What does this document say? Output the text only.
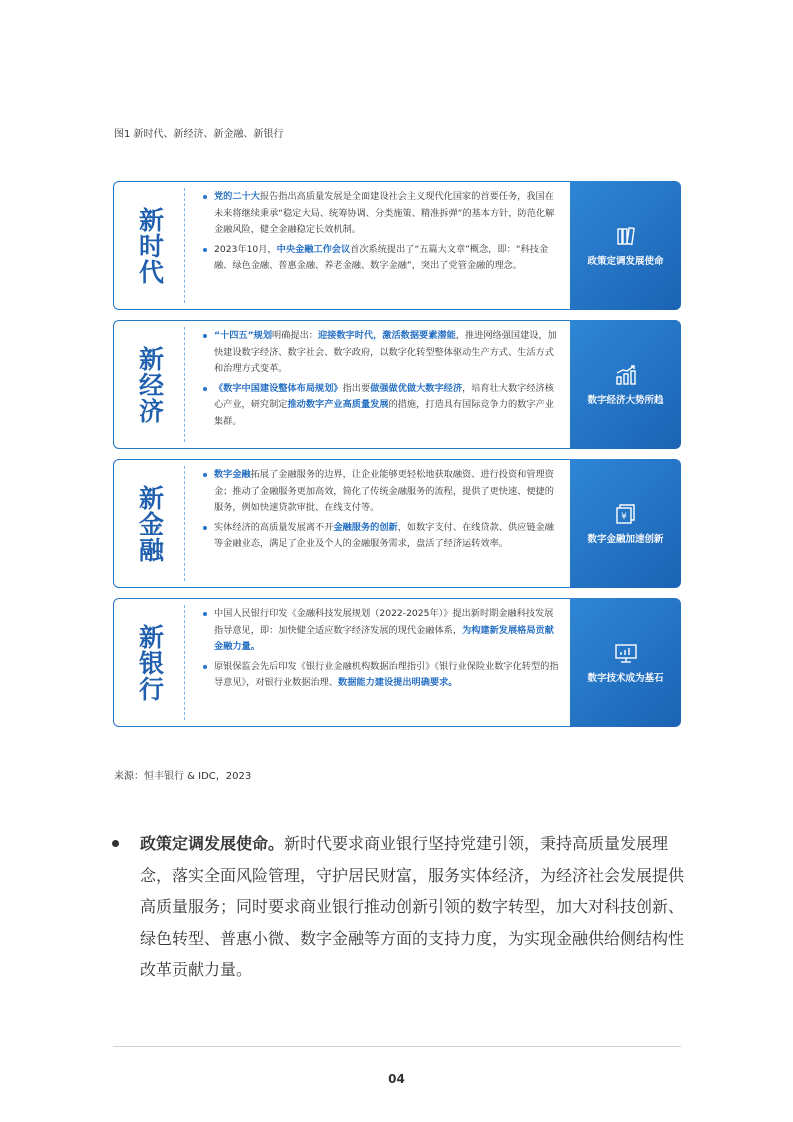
图1 新时代、新经济、新金融、新银行
新时代
党的二十大报告指出高质量发展是全面建设社会主义现代化国家的首要任务，我国在未来将继续秉承“稳定大局、统筹协调、分类施策、精准拆弹”的基本方针，防范化解金融风险，健全金融稳定长效机制。
2023年10月，中央金融工作会议首次系统提出了“五篇大文章”概念，即：“科技金融、绿色金融、普惠金融、养老金融、数字金融”，突出了党管金融的理念。	政策定调发展使命
新经济
“十四五”规划明确提出：迎接数字时代，激活数据要素潜能，推进网络强国建设，加快建设数字经济、数字社会、数字政府，以数字化转型整体驱动生产方式、生活方式和治理方式变革。
《数字中国建设整体布局规划》指出要做强做优做大数字经济，培育壮大数字经济核心产业，研究制定推动数字产业高质量发展的措施，打造具有国际竞争力的数字产业集群。
数字经济大势所趋
新金融
数字金融拓展了金融服务的边界，让企业能够更轻松地获取融资、进行投资和管理资金；推动了金融服务更加高效，简化了传统金融服务的流程，提供了更快速、便捷的服务，例如快速贷款审批、在线支付等。
实体经济的高质量发展离不开金融服务的创新，如数字支付、在线贷款、供应链金融等金融业态，满足了企业及个人的金融服务需求，盘活了经济运转效率。
¥
数字金融加速创新
新银行
中国人民银行印发《金融科技发展规划（2022-2025年）》提出新时期金融科技发展指导意见，即：加快健全适应数字经济发展的现代金融体系，为构建新发展格局贡献金融力量。
原银保监会先后印发《银行业金融机构数据治理指引》《银行业保险业数字化转型的指导意见》，对银行业数据治理、数据能力建设提出明确要求。	数字技术成为基石
来源：恒丰银行 & IDC，2023
政策定调发展使命。新时代要求商业银行坚持党建引领，秉持高质量发展理念，落实全面风险管理，守护居民财富，服务实体经济，为经济社会发展提供高质量服务；同时要求商业银行推动创新引领的数字转型，加大对科技创新、绿色转型、普惠小微、数字金融等方面的支持力度，为实现金融供给侧结构性改革贡献力量。
04
